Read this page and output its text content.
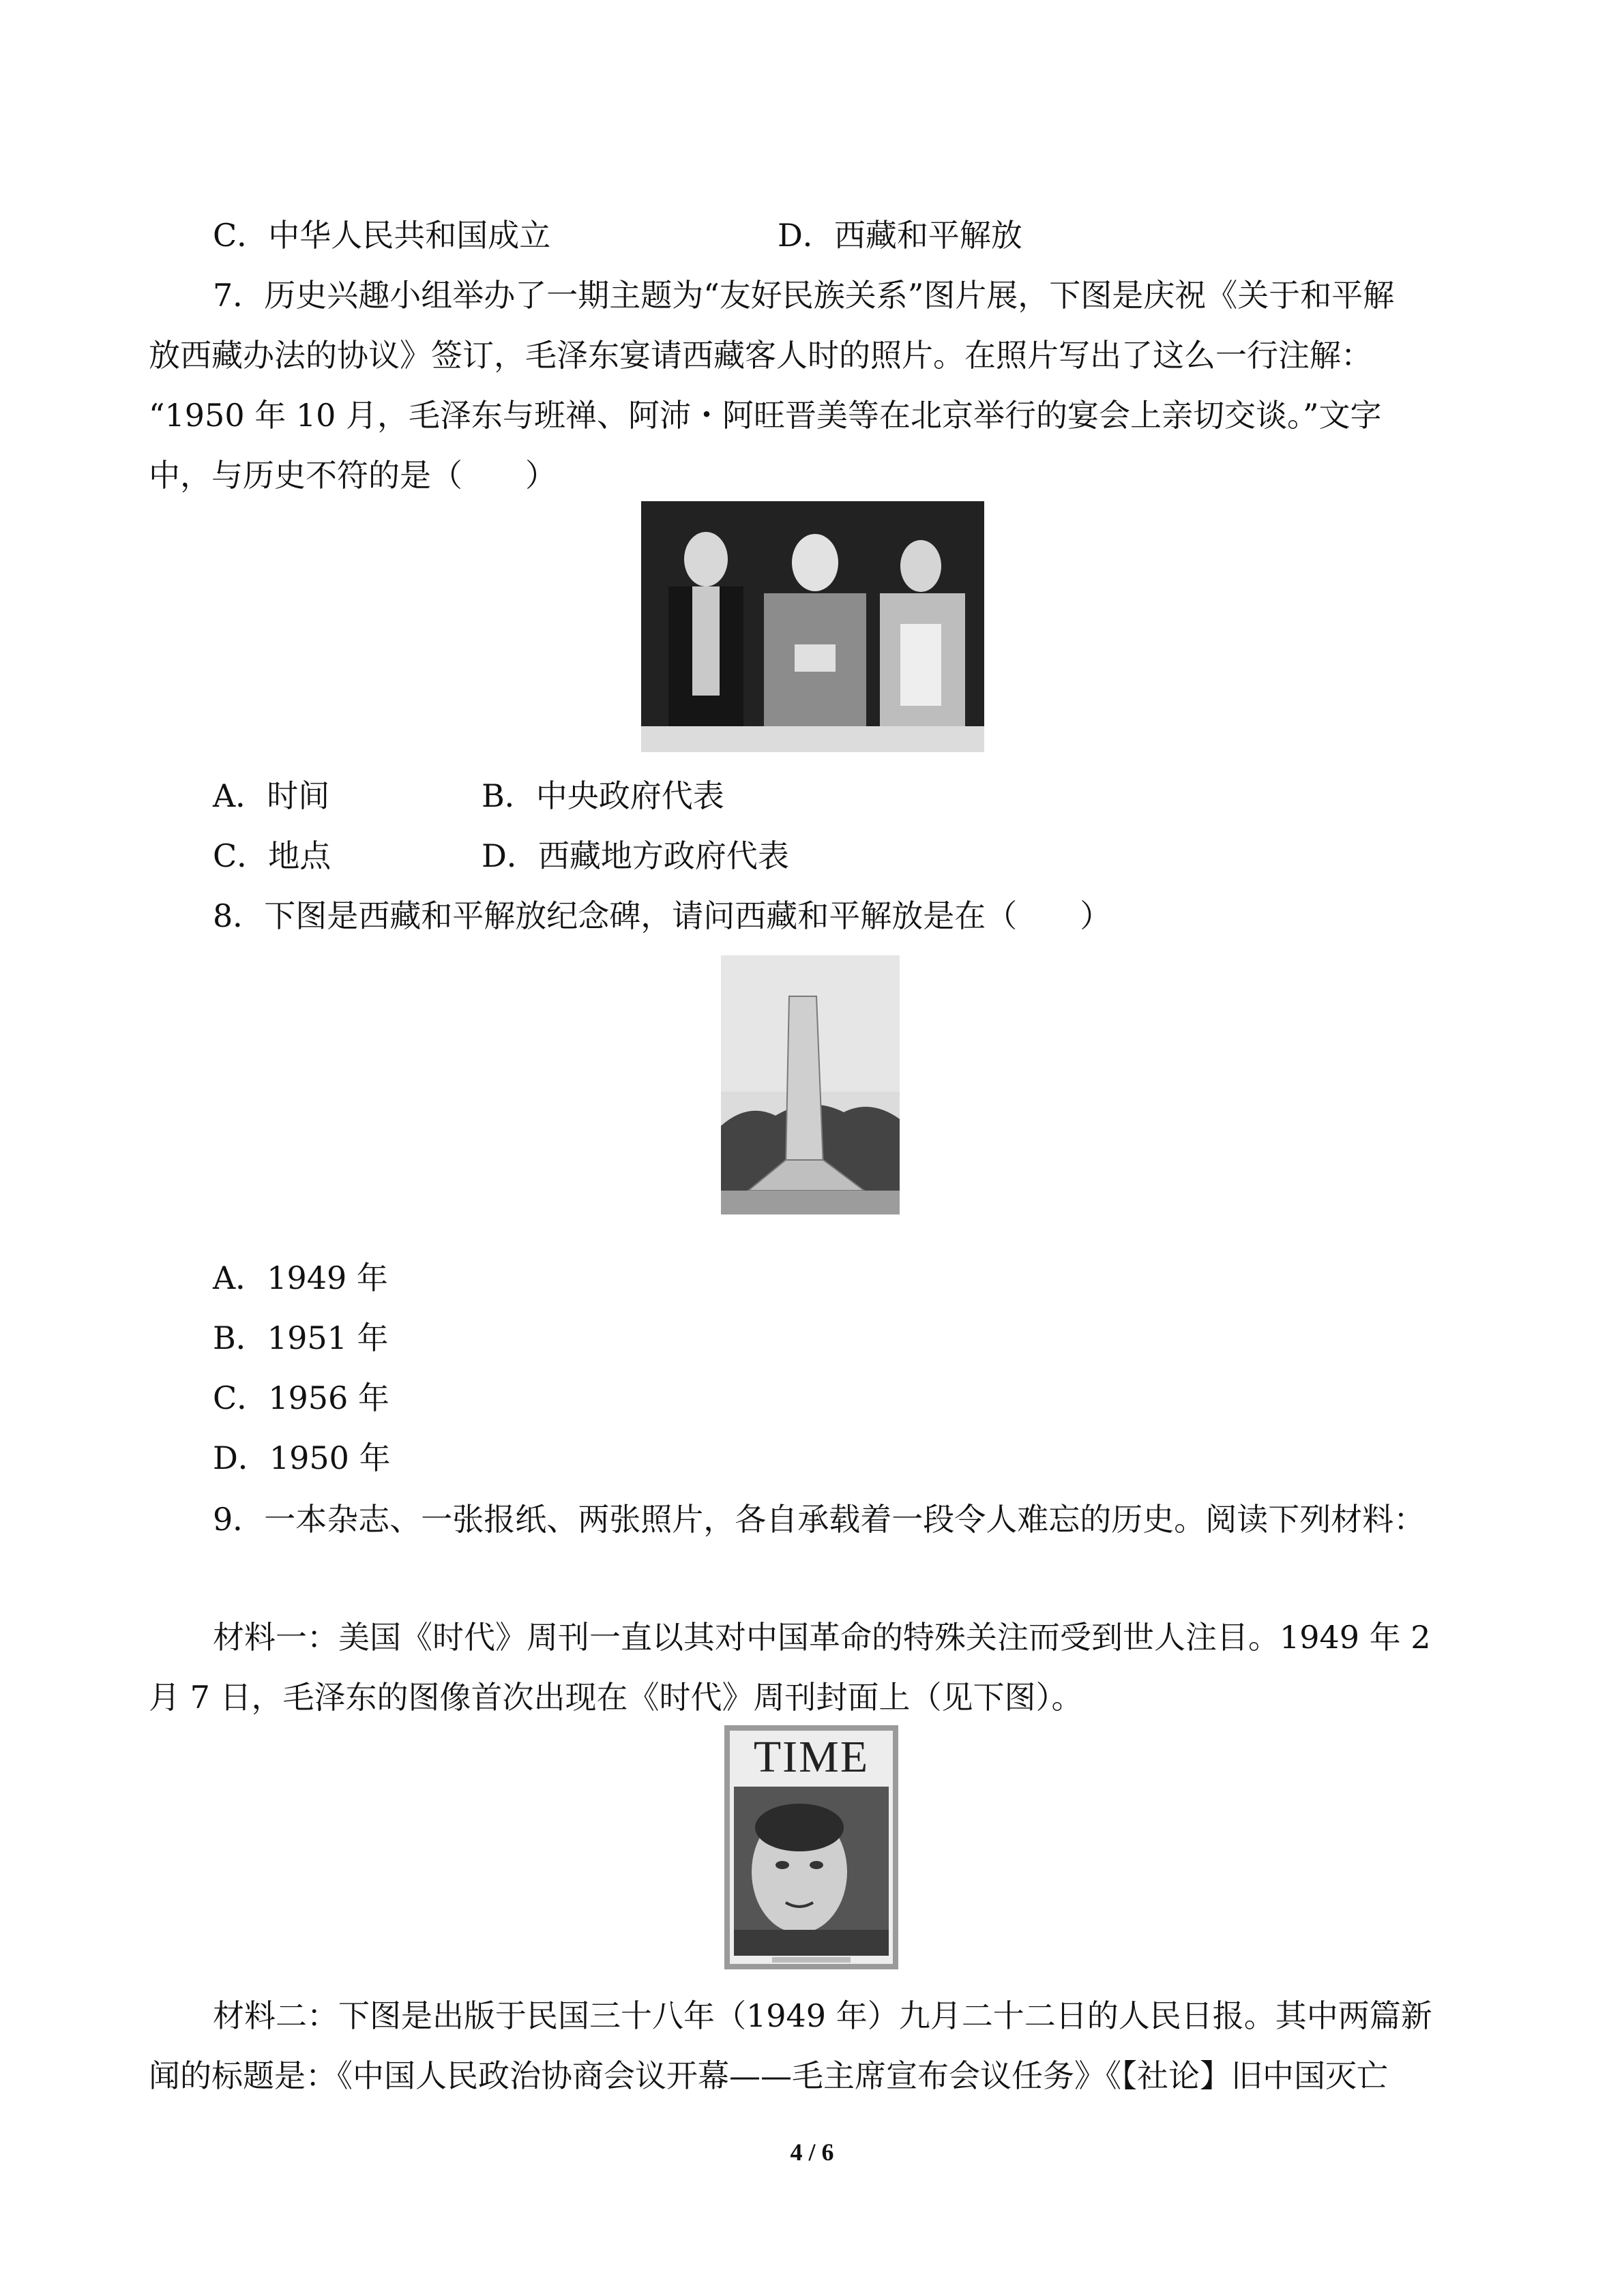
C．中华人民共和国成立	D．西藏和平解放
7．历史兴趣小组举办了一期主题为“友好民族关系”图片展，下图是庆祝《关于和平解
放西藏办法的协议》签订，毛泽东宴请西藏客人时的照片。在照片写出了这么一行注解：
“1950 年 10 月，毛泽东与班禅、阿沛・阿旺晋美等在北京举行的宴会上亲切交谈。”文字
中，与历史不符的是（　　）
A．时间	B．中央政府代表
C．地点	D．西藏地方政府代表
8．下图是西藏和平解放纪念碑，请问西藏和平解放是在（　　）
A．1949 年
B．1951 年
C．1956 年
D．1950 年
9．一本杂志、一张报纸、两张照片，各自承载着一段令人难忘的历史。阅读下列材料：
材料一：美国《时代》周刊一直以其对中国革命的特殊关注而受到世人注目。1949 年 2
月 7 日，毛泽东的图像首次出现在《时代》周刊封面上（见下图）。
TIME
材料二：下图是出版于民国三十八年（1949 年）九月二十二日的人民日报。其中两篇新
闻的标题是：《中国人民政治协商会议开幕——毛主席宣布会议任务》《【社论】旧中国灭亡
4 / 6
